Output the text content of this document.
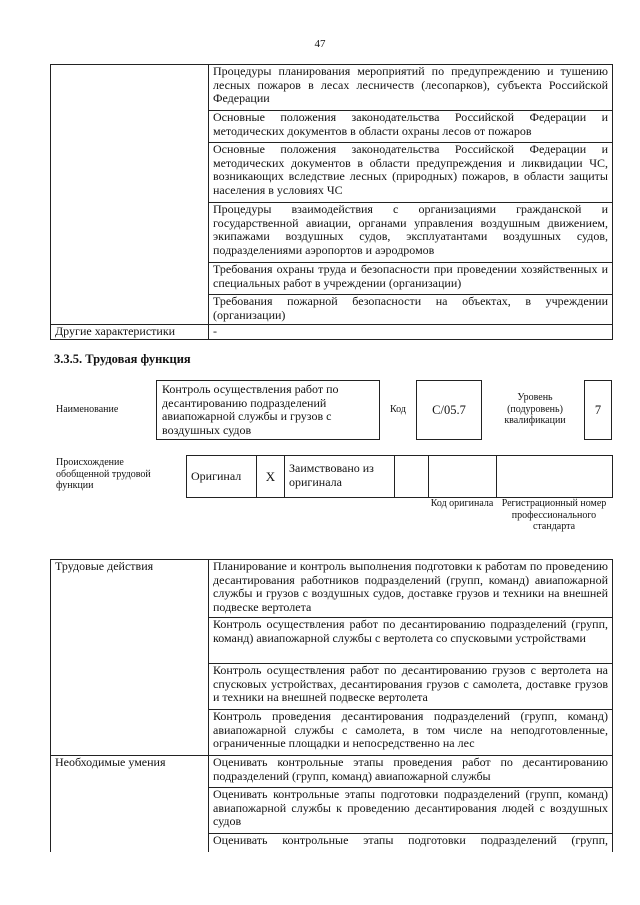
47
	Процедуры планирования мероприятий по предупреждению и тушению лесных пожаров в лесах лесничеств (лесопарков), субъекта Российской Федерации
	Основные положения законодательства Российской Федерации и методических документов в области охраны лесов от пожаров
	Основные положения законодательства Российской Федерации и методических документов в области предупреждения и ликвидации ЧС, возникающих вследствие лесных (природных) пожаров, в области защиты населения в условиях ЧС
	Процедуры взаимодействия с организациями гражданской и государственной авиации, органами управления воздушным движением, экипажами воздушных судов, эксплуатантами воздушных судов, подразделениями аэропортов и аэродромов
	Требования охраны труда и безопасности при проведении хозяйственных и специальных работ в учреждении (организации)
	Требования пожарной безопасности на объектах, в учреждении (организации)
Другие характеристики	-
3.3.5. Трудовая функция
Наименование
Контроль осуществления работ по десантированию подразделений авиапожарной службы и грузов с воздушных судов
Код	C/05.7
Уровень (подуровень) квалификации
7
Происхождение обобщенной трудовой функции
Оригинал	X	Заимствовано из оригинала			
Код оригинала Регистрационный номер профессионального стандарта
Трудовые действия	Планирование и контроль выполнения подготовки к работам по проведению десантирования работников подразделений (групп, команд) авиапожарной службы и грузов с воздушных судов, доставке грузов и техники на внешней подвеске вертолета
	Контроль осуществления работ по десантированию подразделений (групп, команд) авиапожарной службы с вертолета со спусковыми устройствами
	Контроль осуществления работ по десантированию грузов с вертолета на спусковых устройствах, десантирования грузов с самолета, доставке грузов и техники на внешней подвеске вертолета
	Контроль проведения десантирования подразделений (групп, команд) авиапожарной службы с самолета, в том числе на неподготовленные, ограниченные площадки и непосредственно на лес
Необходимые умения	Оценивать контрольные этапы проведения работ по десантированию подразделений (групп, команд) авиапожарной службы
	Оценивать контрольные этапы подготовки подразделений (групп, команд) авиапожарной службы к проведению десантирования людей с воздушных судов
	Оценивать контрольные этапы подготовки подразделений (групп,
